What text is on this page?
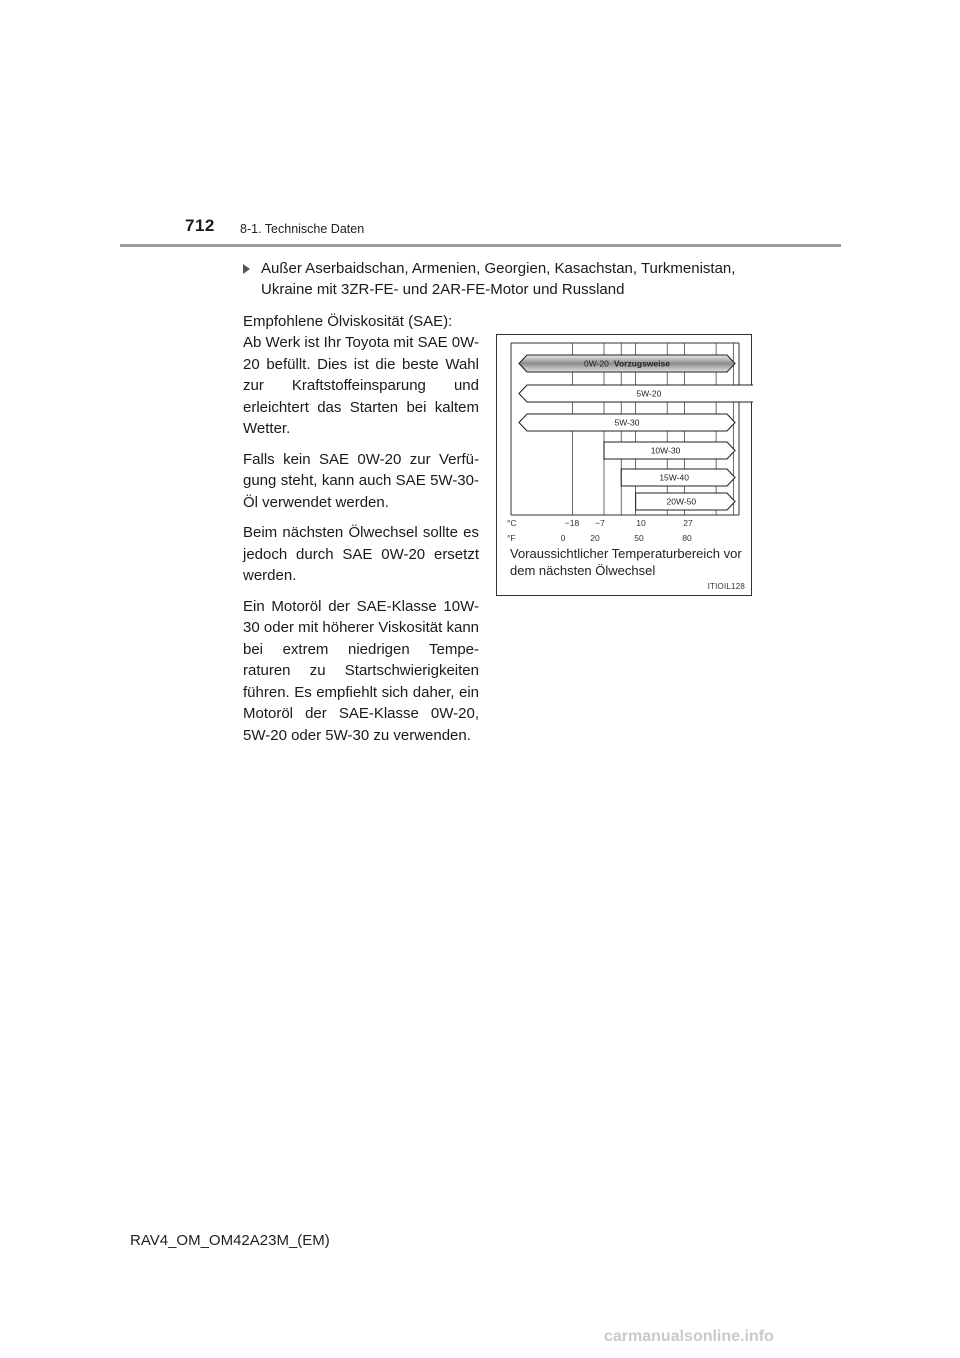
712 8-1. Technische Daten
Außer Aserbaidschan, Armenien, Georgien, Kasachstan, Turkmenistan, Ukraine mit 3ZR-FE- und 2AR-FE-Motor und Russland
Empfohlene Ölviskosität (SAE):

Ab Werk ist Ihr Toyota mit SAE 0W-20 befüllt. Dies ist die beste Wahl zur Kraftstoffeinsparung und erleichtert das Starten bei kaltem Wetter.

Falls kein SAE 0W-20 zur Verfü-gung steht, kann auch SAE 5W-30-Öl verwendet werden.

Beim nächsten Ölwechsel sollte es jedoch durch SAE 0W-20 ersetzt werden.

Ein Motoröl der SAE-Klasse 10W-30 oder mit höherer Viskosität kann bei extrem niedrigen Tempe-raturen zu Startschwierigkeiten führen. Es empfiehlt sich daher, ein Motoröl der SAE-Klasse 0W-20, 5W-20 oder 5W-30 zu verwenden.

0W-20 Vorzugsweise
5W-20
5W-30
10W-30
15W-40
20W-50
°C
°F
−18 −7	10	27
0	20	50	80
Voraussichtlicher Temperaturbereich vor dem nächsten Ölwechsel
ITIOIL128
RAV4_OM_OM42A23M_(EM)
carmanualsonline.info
